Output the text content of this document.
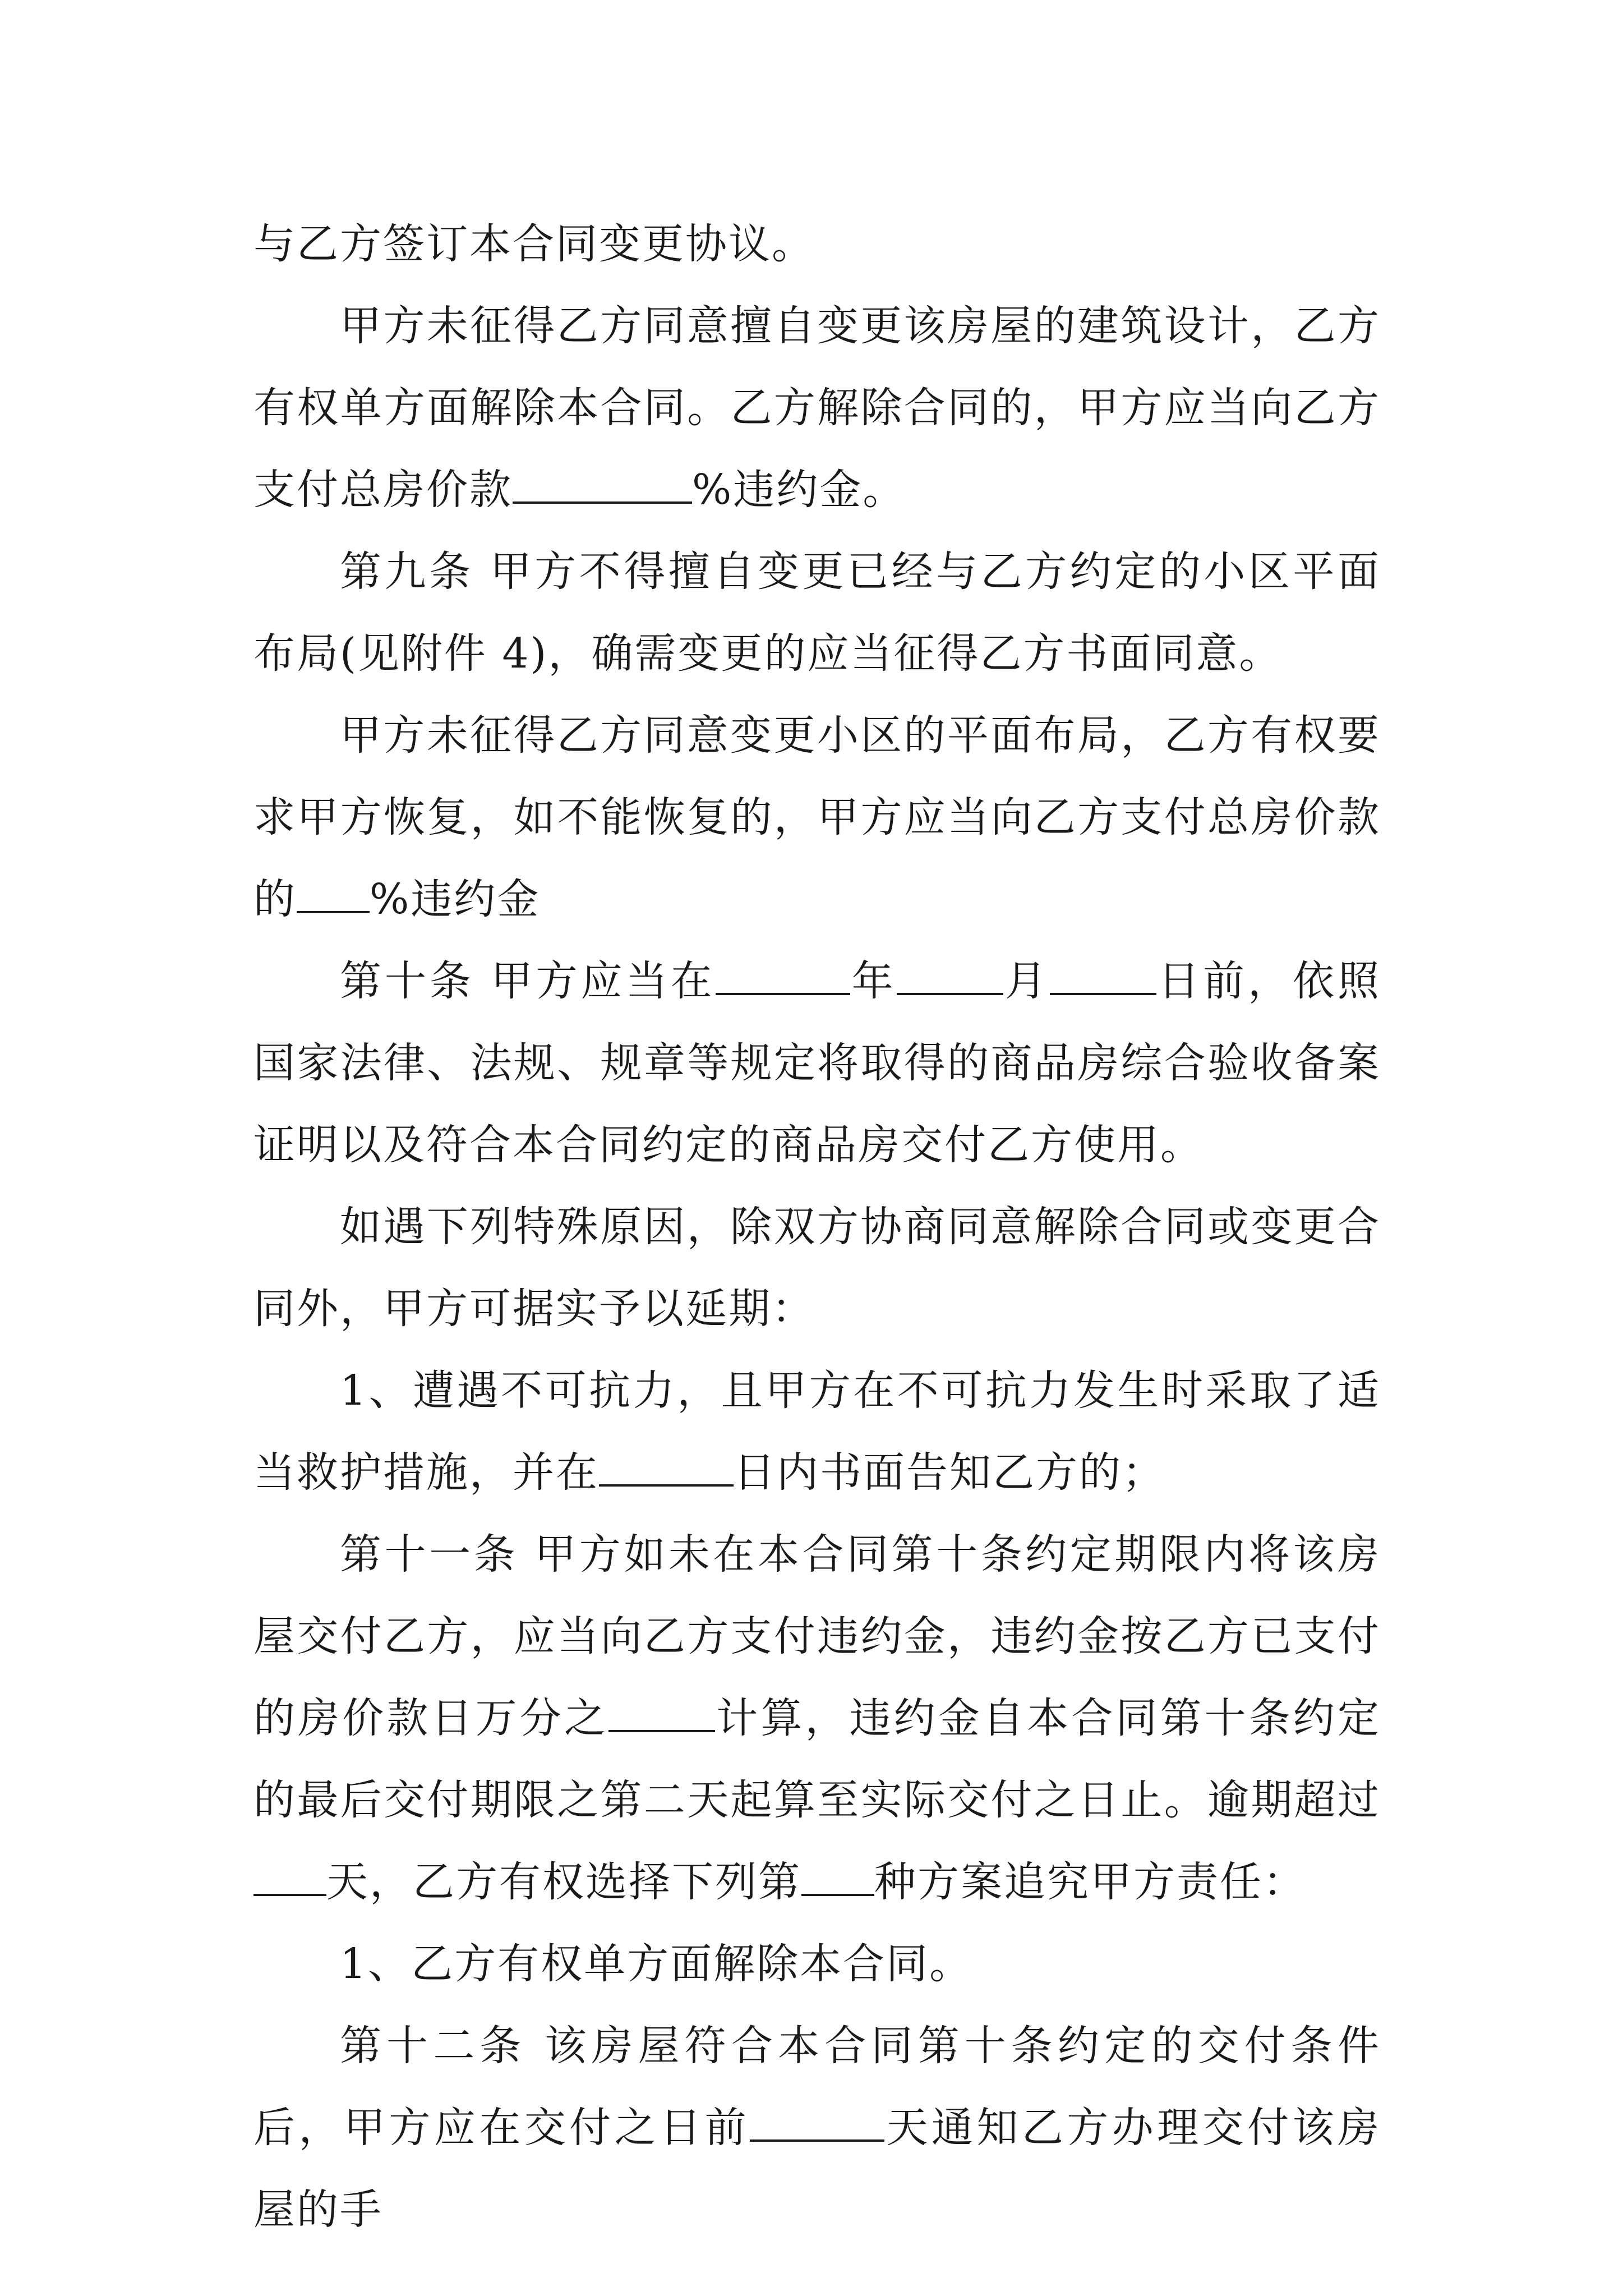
与乙方签订本合同变更协议。

甲方未征得乙方同意擅自变更该房屋的建筑设计，乙方有权单方面解除本合同。乙方解除合同的，甲方应当向乙方支付总房价款	%违约金。

第九条 甲方不得擅自变更已经与乙方约定的小区平面布局(见附件 4)，确需变更的应当征得乙方书面同意。

甲方未征得乙方同意变更小区的平面布局，乙方有权要求甲方恢复，如不能恢复的，甲方应当向乙方支付总房价款的 %违约金

第十条 甲方应当在	年	月	日前，依照国家法律、法规、规章等规定将取得的商品房综合验收备案证明以及符合本合同约定的商品房交付乙方使用。

如遇下列特殊原因，除双方协商同意解除合同或变更合同外，甲方可据实予以延期：

1、遭遇不可抗力，且甲方在不可抗力发生时采取了适当救护措施，并在	日内书面告知乙方的；

第十一条 甲方如未在本合同第十条约定期限内将该房屋交付乙方，应当向乙方支付违约金，违约金按乙方已支付的房价款日万分之	计算，违约金自本合同第十条约定的最后交付期限之第二天起算至实际交付之日止。逾期超过天，乙方有权选择下列第 种方案追究甲方责任：

1、乙方有权单方面解除本合同。

第十二条 该房屋符合本合同第十条约定的交付条件后，甲方应在交付之日前	天通知乙方办理交付该房屋的手
